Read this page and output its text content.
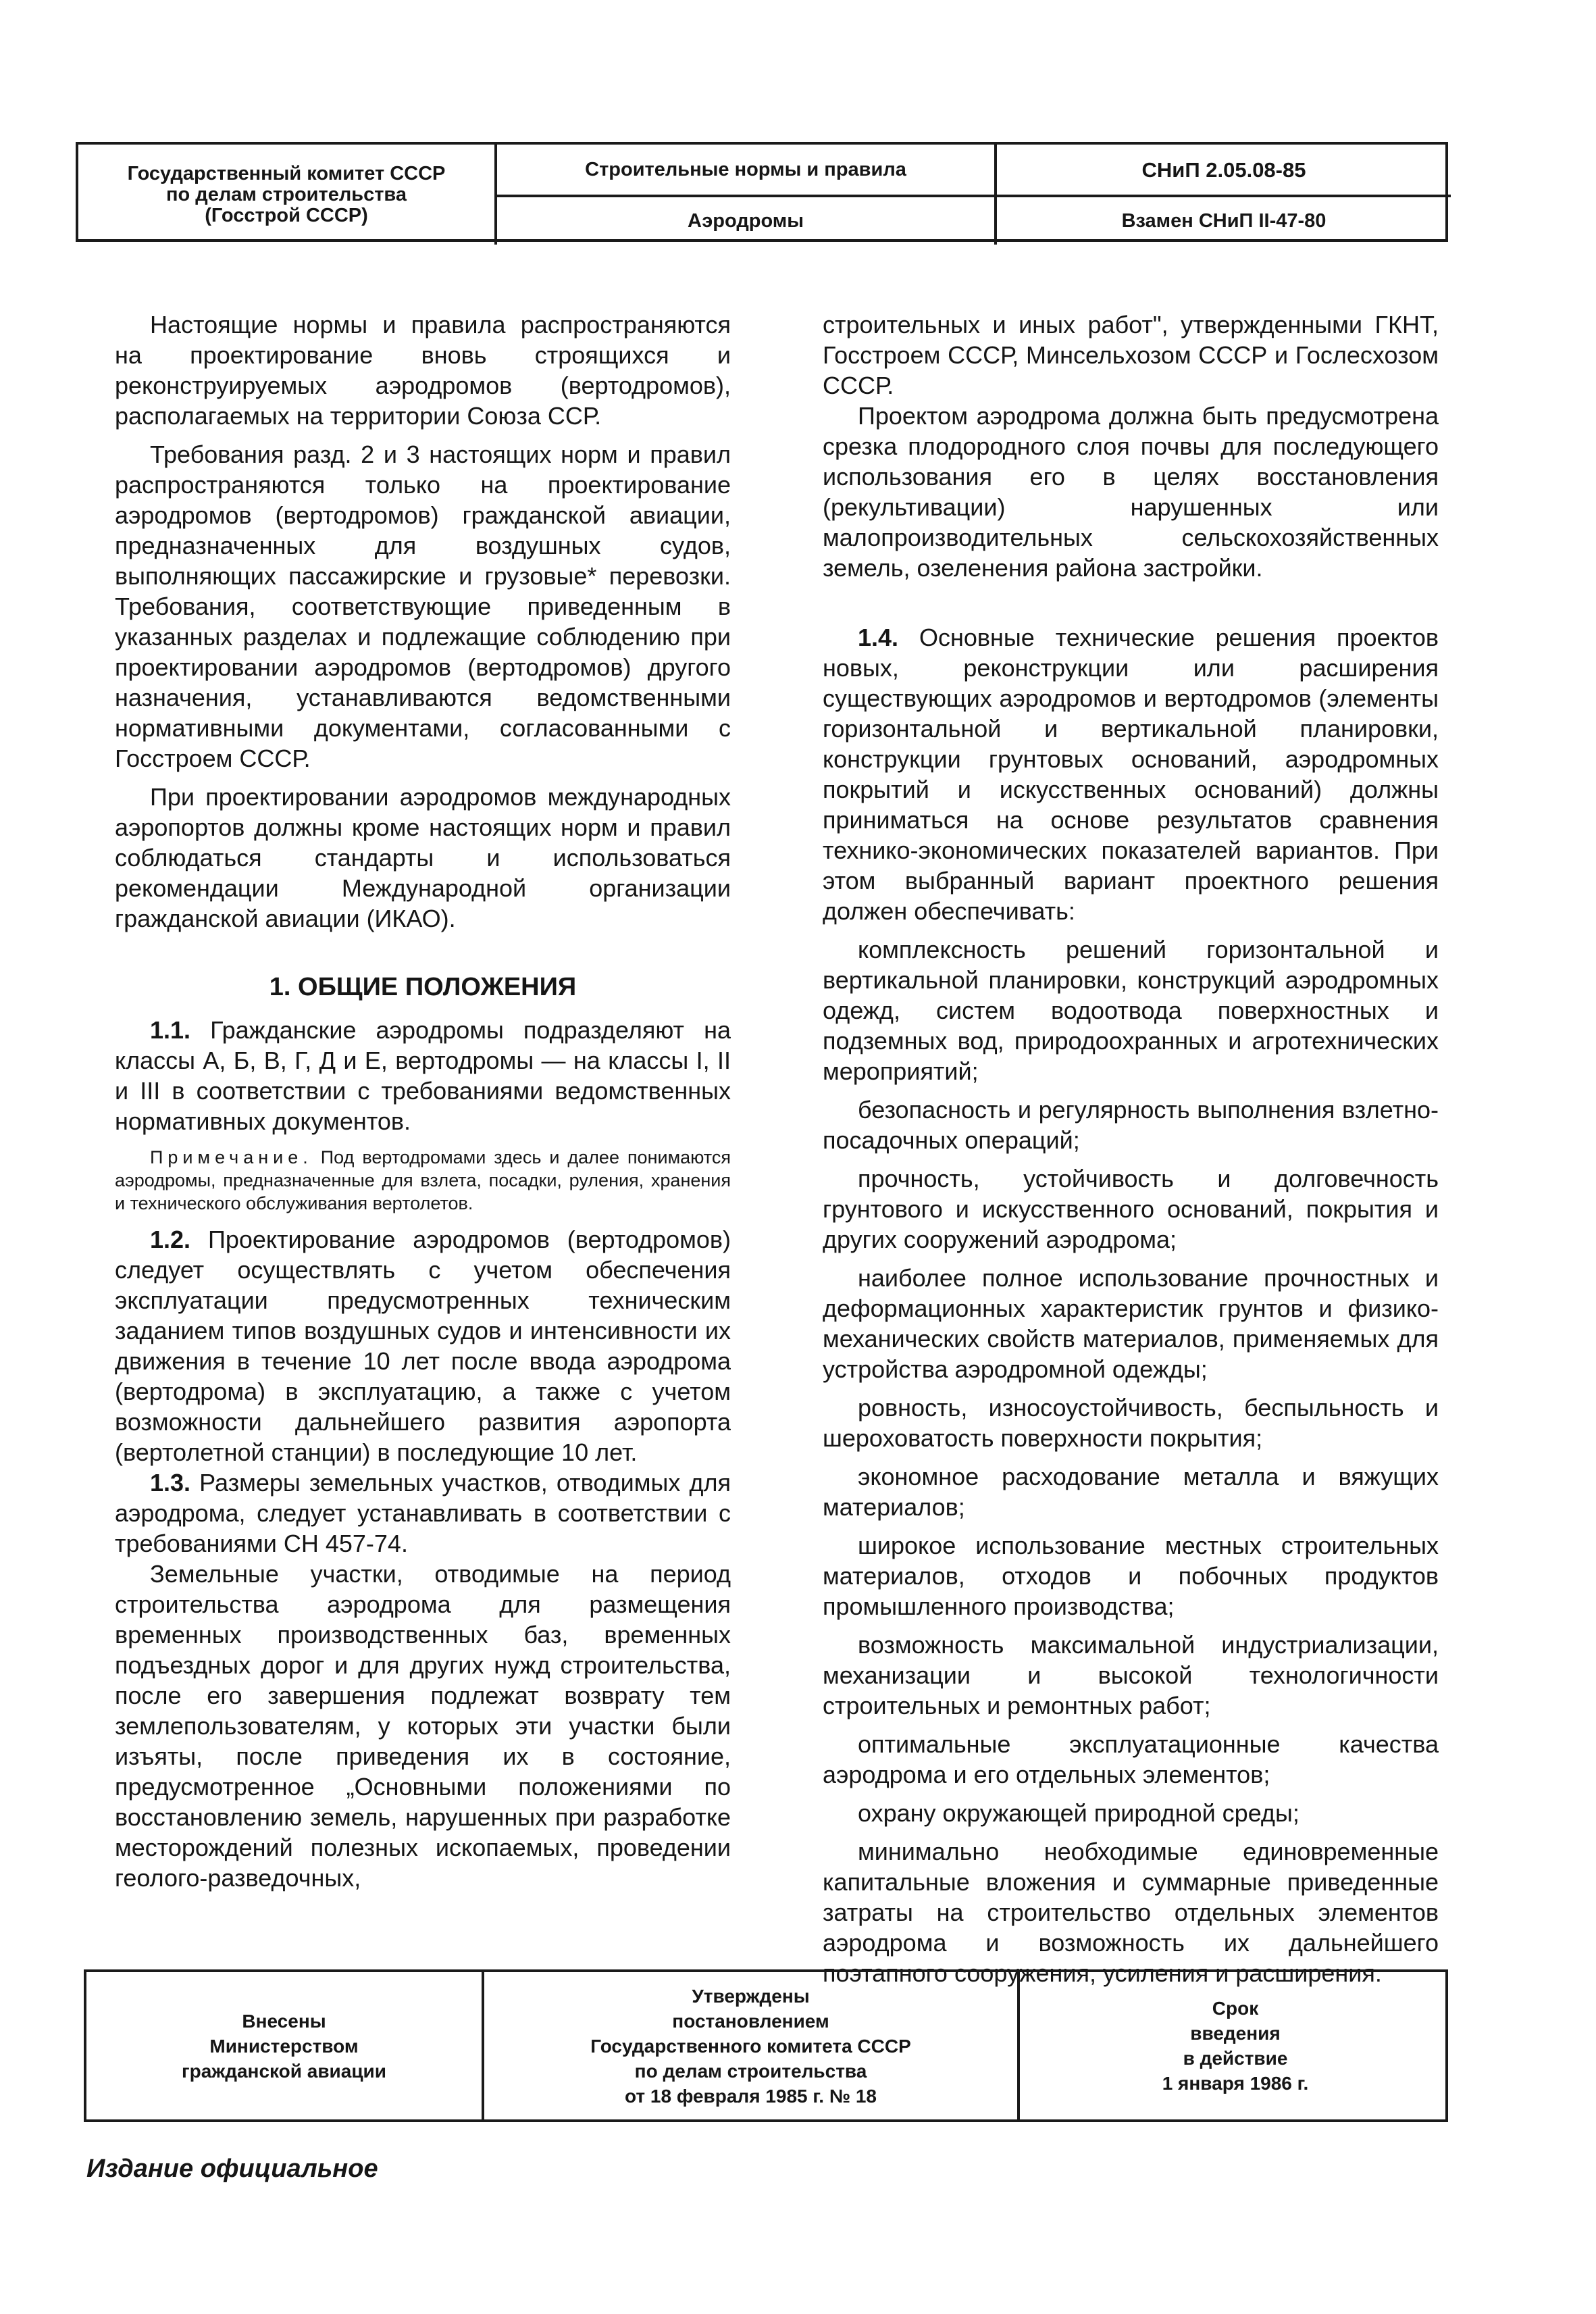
Государственный комитет СССР
по делам строительства
(Госстрой СССР)
Строительные нормы и правила	СНиП 2.05.08-85
Аэродромы	Взамен СНиП II-47-80

Настоящие нормы и правила распространяются на проектирование вновь строящихся и реконструируемых аэродромов (вертодромов), располагаемых на территории Союза ССР.

Требования разд. 2 и 3 настоящих норм и правил распространяются только на проектирование аэродромов (вертодромов) гражданской авиации, предназначенных для воздушных судов, выполняющих пассажирские и грузовые* перевозки. Требования, соответствующие приведенным в указанных разделах и подлежащие соблюдению при проектировании аэродромов (вертодромов) другого назначения, устанавливаются ведомственными нормативными документами, согласованными с Госстроем СССР.

При проектировании аэродромов международных аэропортов должны кроме настоящих норм и правил соблюдаться стандарты и использоваться рекомендации Международной организации гражданской авиации (ИКАО).

1. ОБЩИЕ ПОЛОЖЕНИЯ

1.1. Гражданские аэродромы подразделяют на классы А, Б, В, Г, Д и Е, вертодромы — на классы I, II и III в соответствии с требованиями ведомственных нормативных документов.

Примечание. Под вертодромами здесь и далее понимаются аэродромы, предназначенные для взлета, посадки, руления, хранения и технического обслуживания вертолетов.

1.2. Проектирование аэродромов (вертодромов) следует осуществлять с учетом обеспечения эксплуатации предусмотренных техническим заданием типов воздушных судов и интенсивности их движения в течение 10 лет после ввода аэродрома (вертодрома) в эксплуатацию, а также с учетом возможности дальнейшего развития аэропорта (вертолетной станции) в последующие 10 лет.

1.3. Размеры земельных участков, отводимых для аэродрома, следует устанавливать в соответствии с требованиями СН 457-74.

Земельные участки, отводимые на период строительства аэродрома для размещения временных производственных баз, временных подъездных дорог и для других нужд строительства, после его завершения подлежат возврату тем землепользователям, у которых эти участки были изъяты, после приведения их в состояние, предусмотренное „Основными положениями по восстановлению земель, нарушенных при разработке месторождений полезных ископаемых, проведении геолого-разведочных,

строительных и иных работ", утвержденными ГКНТ, Госстроем СССР, Минсельхозом СССР и Гослесхозом СССР.

Проектом аэродрома должна быть предусмотрена срезка плодородного слоя почвы для последующего использования его в целях восстановления (рекультивации) нарушенных или малопроизводительных сельскохозяйственных земель, озеленения района застройки.

1.4. Основные технические решения проектов новых, реконструкции или расширения существующих аэродромов и вертодромов (элементы горизонтальной и вертикальной планировки, конструкции грунтовых оснований, аэродромных покрытий и искусственных оснований) должны приниматься на основе результатов сравнения технико-экономических показателей вариантов. При этом выбранный вариант проектного решения должен обеспечивать:

комплексность решений горизонтальной и вертикальной планировки, конструкций аэродромных одежд, систем водоотвода поверхностных и подземных вод, природоохранных и агротехнических мероприятий;

безопасность и регулярность выполнения взлетно-посадочных операций;

прочность, устойчивость и долговечность грунтового и искусственного оснований, покрытия и других сооружений аэродрома;

наиболее полное использование прочностных и деформационных характеристик грунтов и физико-механических свойств материалов, применяемых для устройства аэродромной одежды;

ровность, износоустойчивость, беспыльность и шероховатость поверхности покрытия;

экономное расходование металла и вяжущих материалов;

широкое использование местных строительных материалов, отходов и побочных продуктов промышленного производства;

возможность максимальной индустриализации, механизации и высокой технологичности строительных и ремонтных работ;

оптимальные эксплуатационные качества аэродрома и его отдельных элементов;

охрану окружающей природной среды;

минимально необходимые единовременные капитальные вложения и суммарные приведенные затраты на строительство отдельных элементов аэродрома и возможность их дальнейшего поэтапного сооружения, усиления и расширения.

Внесены
Министерством
гражданской авиации
Утверждены
постановлением
Государственного комитета СССР
по делам строительства
от 18 февраля 1985 г. № 18
Срок
введения
в действие
1 января 1986 г.
Издание официальное
